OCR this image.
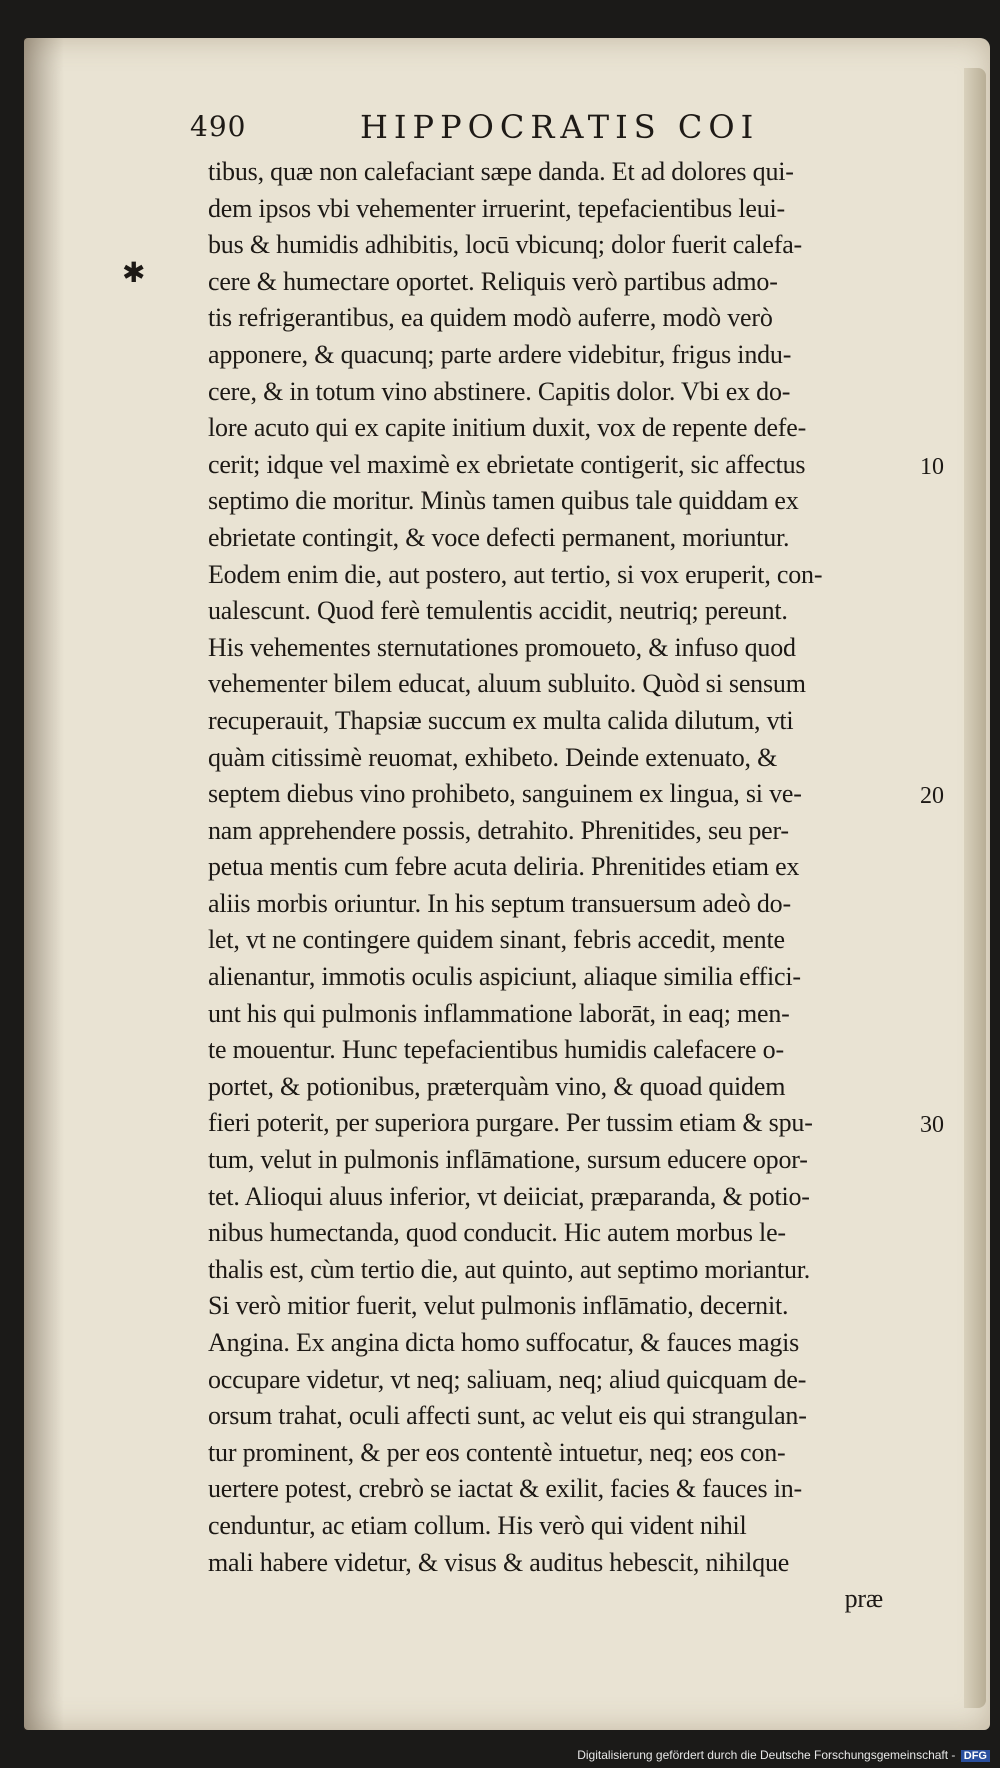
490	HIPPOCRATIS COI
✱
10
20
30
tibus, quæ non calefaciant sæpe danda. Et ad dolores qui-
dem ipsos vbi vehementer irruerint, tepefacientibus leui-
bus & humidis adhibitis, locū vbicunq; dolor fuerit calefa-
cere & humectare oportet. Reliquis verò partibus admo-
tis refrigerantibus, ea quidem modò auferre, modò verò
apponere, & quacunq; parte ardere videbitur, frigus indu-
cere, & in totum vino abstinere. Capitis dolor. Vbi ex do-
lore acuto qui ex capite initium duxit, vox de repente defe-
cerit; idque vel maximè ex ebrietate contigerit, sic affectus
septimo die moritur. Minùs tamen quibus tale quiddam ex
ebrietate contingit, & voce defecti permanent, moriuntur.
Eodem enim die, aut postero, aut tertio, si vox eruperit, con-
ualescunt. Quod ferè temulentis accidit, neutriq; pereunt.
His vehementes sternutationes promoueto, & infuso quod
vehementer bilem educat, aluum subluito. Quòd si sensum
recuperauit, Thapsiæ succum ex multa calida dilutum, vti
quàm citissimè reuomat, exhibeto. Deinde extenuato, &
septem diebus vino prohibeto, sanguinem ex lingua, si ve-
nam apprehendere possis, detrahito. Phrenitides, seu per-
petua mentis cum febre acuta deliria. Phrenitides etiam ex
aliis morbis oriuntur. In his septum transuersum adeò do-
let, vt ne contingere quidem sinant, febris accedit, mente
alienantur, immotis oculis aspiciunt, aliaque similia effici-
unt his qui pulmonis inflammatione laborāt, in eaq; men-
te mouentur. Hunc tepefacientibus humidis calefacere o-
portet, & potionibus, præterquàm vino, & quoad quidem
fieri poterit, per superiora purgare. Per tussim etiam & spu-
tum, velut in pulmonis inflāmatione, sursum educere opor-
tet. Alioqui aluus inferior, vt deiiciat, præparanda, & potio-
nibus humectanda, quod conducit. Hic autem morbus le-
thalis est, cùm tertio die, aut quinto, aut septimo moriantur.
Si verò mitior fuerit, velut pulmonis inflāmatio, decernit.
Angina. Ex angina dicta homo suffocatur, & fauces magis
occupare videtur, vt neq; saliuam, neq; aliud quicquam de-
orsum trahat, oculi affecti sunt, ac velut eis qui strangulan-
tur prominent, & per eos contentè intuetur, neq; eos con-
uertere potest, crebrò se iactat & exilit, facies & fauces in-
cenduntur, ac etiam collum. His verò qui vident nihil
mali habere videtur, & visus & auditus hebescit, nihilque
præ
Digitalisierung gefördert durch die Deutsche Forschungsgemeinschaft - DFG
